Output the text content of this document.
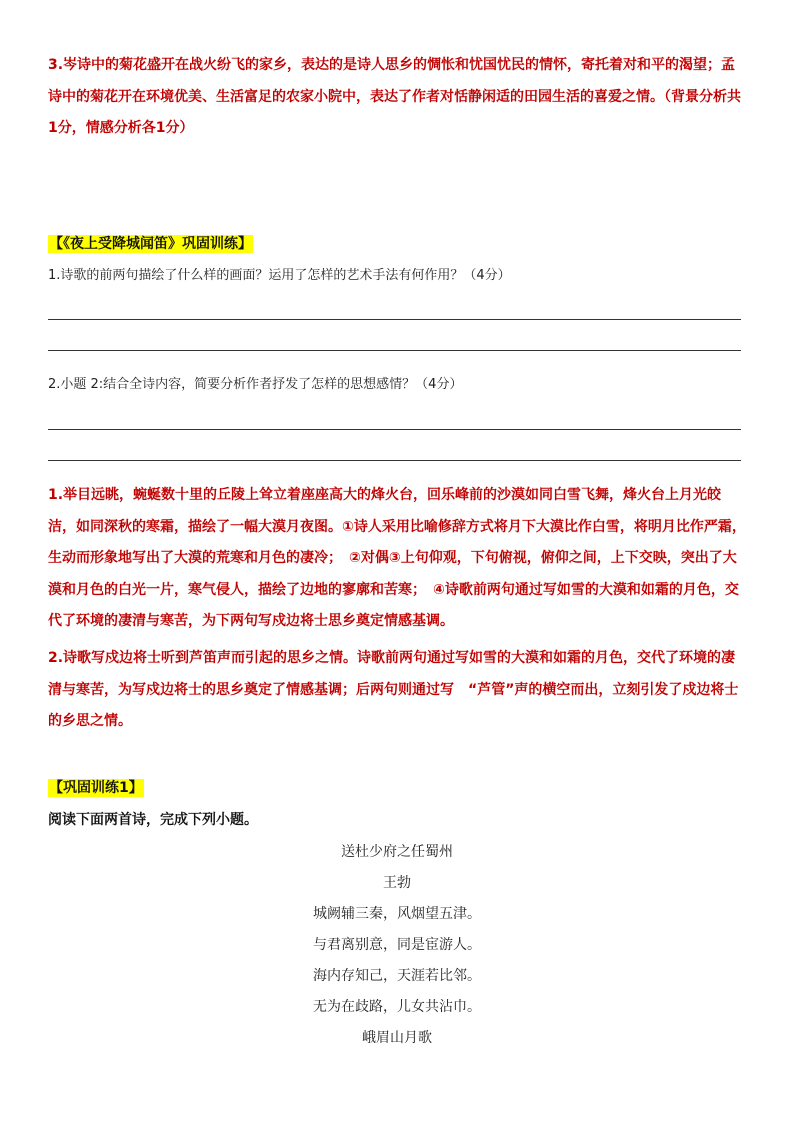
3.岑诗中的菊花盛开在战火纷飞的家乡，表达的是诗人思乡的惆怅和忧国忧民的情怀，寄托着对和平的渴望；孟诗中的菊花开在环境优美、生活富足的农家小院中，表达了作者对恬静闲适的田园生活的喜爱之情。（背景分析共1分，情感分析各1分）

【《夜上受降城闻笛》巩固训练】
1.诗歌的前两句描绘了什么样的画面？运用了怎样的艺术手法有何作用？（4分）
2.小题 2:结合全诗内容，简要分析作者抒发了怎样的思想感情？（4分）

1.举目远眺，蜿蜒数十里的丘陵上耸立着座座高大的烽火台，回乐峰前的沙漠如同白雪飞舞，烽火台上月光皎洁，如同深秋的寒霜，描绘了一幅大漠月夜图。①诗人采用比喻修辞方式将月下大漠比作白雪，将明月比作严霜，生动而形象地写出了大漠的荒寒和月色的凄冷；　②对偶③上句仰观，下句俯视，俯仰之间，上下交映，突出了大漠和月色的白光一片，寒气侵人，描绘了边地的寥廓和苦寒；　④诗歌前两句通过写如雪的大漠和如霜的月色，交代了环境的凄清与寒苦，为下两句写戍边将士思乡奠定情感基调。

2.诗歌写戍边将士听到芦笛声而引起的思乡之情。诗歌前两句通过写如雪的大漠和如霜的月色，交代了环境的凄清与寒苦，为写戍边将士的思乡奠定了情感基调；后两句则通过写　“芦管”声的横空而出，立刻引发了戍边将士的乡思之情。

【巩固训练1】
阅读下面两首诗，完成下列小题。
送杜少府之任蜀州
王勃
城阙辅三秦，风烟望五津。
与君离别意，同是宦游人。
海内存知己，天涯若比邻。
无为在歧路，儿女共沾巾。
峨眉山月歌
